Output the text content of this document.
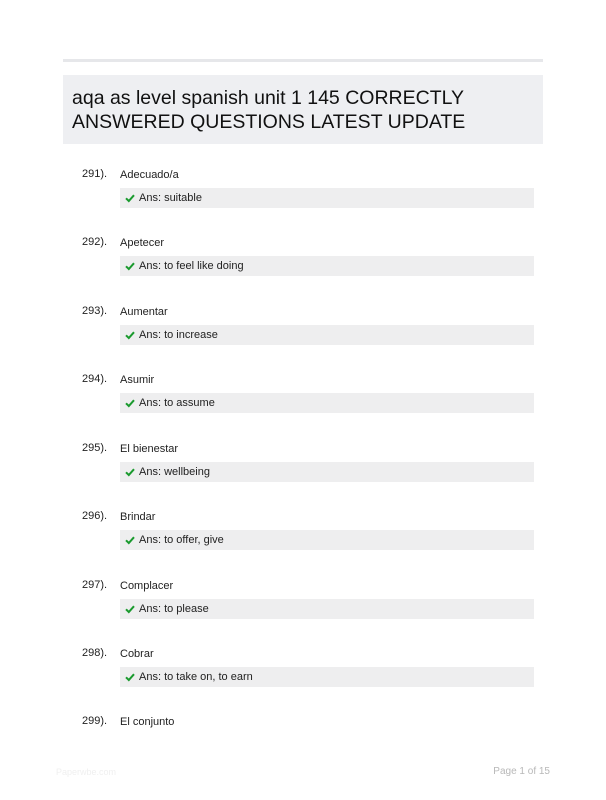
aqa as level spanish unit 1 145 CORRECTLY ANSWERED QUESTIONS LATEST UPDATE
291). Adecuado/a
Ans: suitable
292). Apetecer
Ans: to feel like doing
293). Aumentar
Ans: to increase
294). Asumir
Ans: to assume
295). El bienestar
Ans: wellbeing
296). Brindar
Ans: to offer, give
297). Complacer
Ans: to please
298). Cobrar
Ans: to take on, to earn
299). El conjunto
Paperwbe.com	Page 1 of 15
